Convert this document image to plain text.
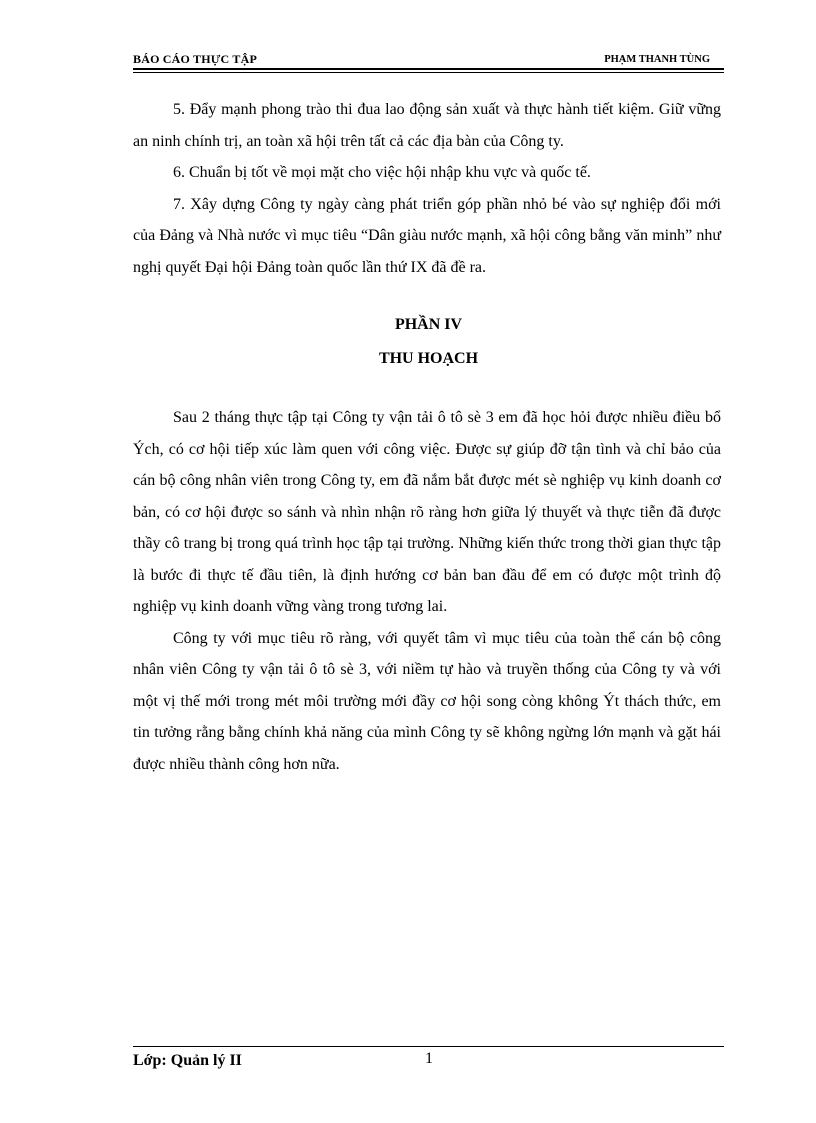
BÁO CÁO THỰC TẬP	PHẠM THANH TÙNG

5. Đẩy mạnh phong trào thi đua lao động sản xuất và thực hành tiết kiệm. Giữ vững an ninh chính trị, an toàn xã hội trên tất cả các địa bàn của Công ty.

6. Chuẩn bị tốt về mọi mặt cho việc hội nhập khu vực và quốc tế.

7. Xây dựng Công ty ngày càng phát triển góp phần nhỏ bé vào sự nghiệp đổi mới của Đảng và Nhà nước vì mục tiêu “Dân giàu nước mạnh, xã hội công bằng văn minh” như nghị quyết Đại hội Đảng toàn quốc lần thứ IX đã đề ra.

PHẦN IV
THU HOẠCH

Sau 2 tháng thực tập tại Công ty vận tải ô tô sè 3 em đã học hỏi được nhiều điều bổ Ých, có cơ hội tiếp xúc làm quen với công việc. Được sự giúp đỡ tận tình và chỉ bảo của cán bộ công nhân viên trong Công ty, em đã nắm bắt được mét sè nghiệp vụ kinh doanh cơ bản, có cơ hội được so sánh và nhìn nhận rõ ràng hơn giữa lý thuyết và thực tiễn đã được thầy cô trang bị trong quá trình học tập tại trường. Những kiến thức trong thời gian thực tập là bước đi thực tế đầu tiên, là định hướng cơ bản ban đầu để em có được một trình độ nghiệp vụ kinh doanh vững vàng trong tương lai.

Công ty với mục tiêu rõ ràng, với quyết tâm vì mục tiêu của toàn thể cán bộ công nhân viên Công ty vận tải ô tô sè 3, với niềm tự hào và truyền thống của Công ty và với một vị thế mới trong mét môi trường mới đầy cơ hội song còng không Ýt thách thức, em tin tưởng rằng bằng chính khả năng của mình Công ty sẽ không ngừng lớn mạnh và gặt hái được nhiều thành công hơn nữa.

Lớp: Quản lý II	1
